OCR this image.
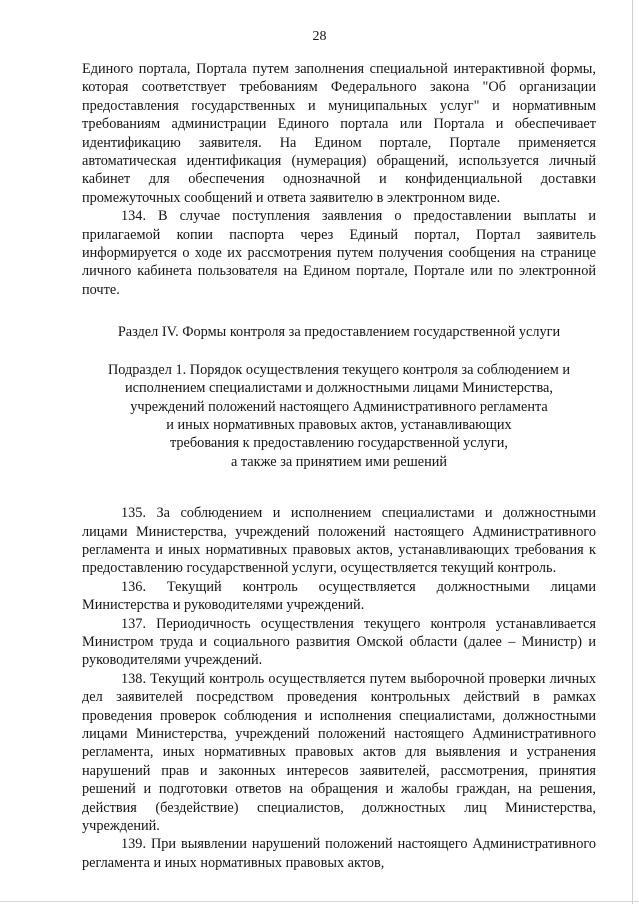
28

Единого портала, Портала путем заполнения специальной интерактивной формы, которая соответствует требованиям Федерального закона "Об организации предоставления государственных и муниципальных услуг" и нормативным требованиям администрации Единого портала или Портала и обеспечивает идентификацию заявителя. На Едином портале, Портале применяется автоматическая идентификация (нумерация) обращений, используется личный кабинет для обеспечения однозначной и конфиденциальной доставки промежуточных сообщений и ответа заявителю в электронном виде.

134. В случае поступления заявления о предоставлении выплаты и прилагаемой копии паспорта через Единый портал, Портал заявитель информируется о ходе их рассмотрения путем получения сообщения на странице личного кабинета пользователя на Едином портале, Портале или по электронной почте.

Раздел IV. Формы контроля за предоставлением государственной услуги
Подраздел 1. Порядок осуществления текущего контроля за соблюдением и
исполнением специалистами и должностными лицами Министерства,
учреждений положений настоящего Административного регламента
и иных нормативных правовых актов, устанавливающих
требования к предоставлению государственной услуги,
а также за принятием ими решений

135. За соблюдением и исполнением специалистами и должностными лицами Министерства, учреждений положений настоящего Административного регламента и иных нормативных правовых актов, устанавливающих требования к предоставлению государственной услуги, осуществляется текущий контроль.

136. Текущий контроль осуществляется должностными лицами Министерства и руководителями учреждений.

137. Периодичность осуществления текущего контроля устанавливается Министром труда и социального развития Омской области (далее – Министр) и руководителями учреждений.

138. Текущий контроль осуществляется путем выборочной проверки личных дел заявителей посредством проведения контрольных действий в рамках проведения проверок соблюдения и исполнения специалистами, должностными лицами Министерства, учреждений положений настоящего Административного регламента, иных нормативных правовых актов для выявления и устранения нарушений прав и законных интересов заявителей, рассмотрения, принятия решений и подготовки ответов на обращения и жалобы граждан, на решения, действия (бездействие) специалистов, должностных лиц Министерства, учреждений.

139. При выявлении нарушений положений настоящего Административного регламента и иных нормативных правовых актов,
